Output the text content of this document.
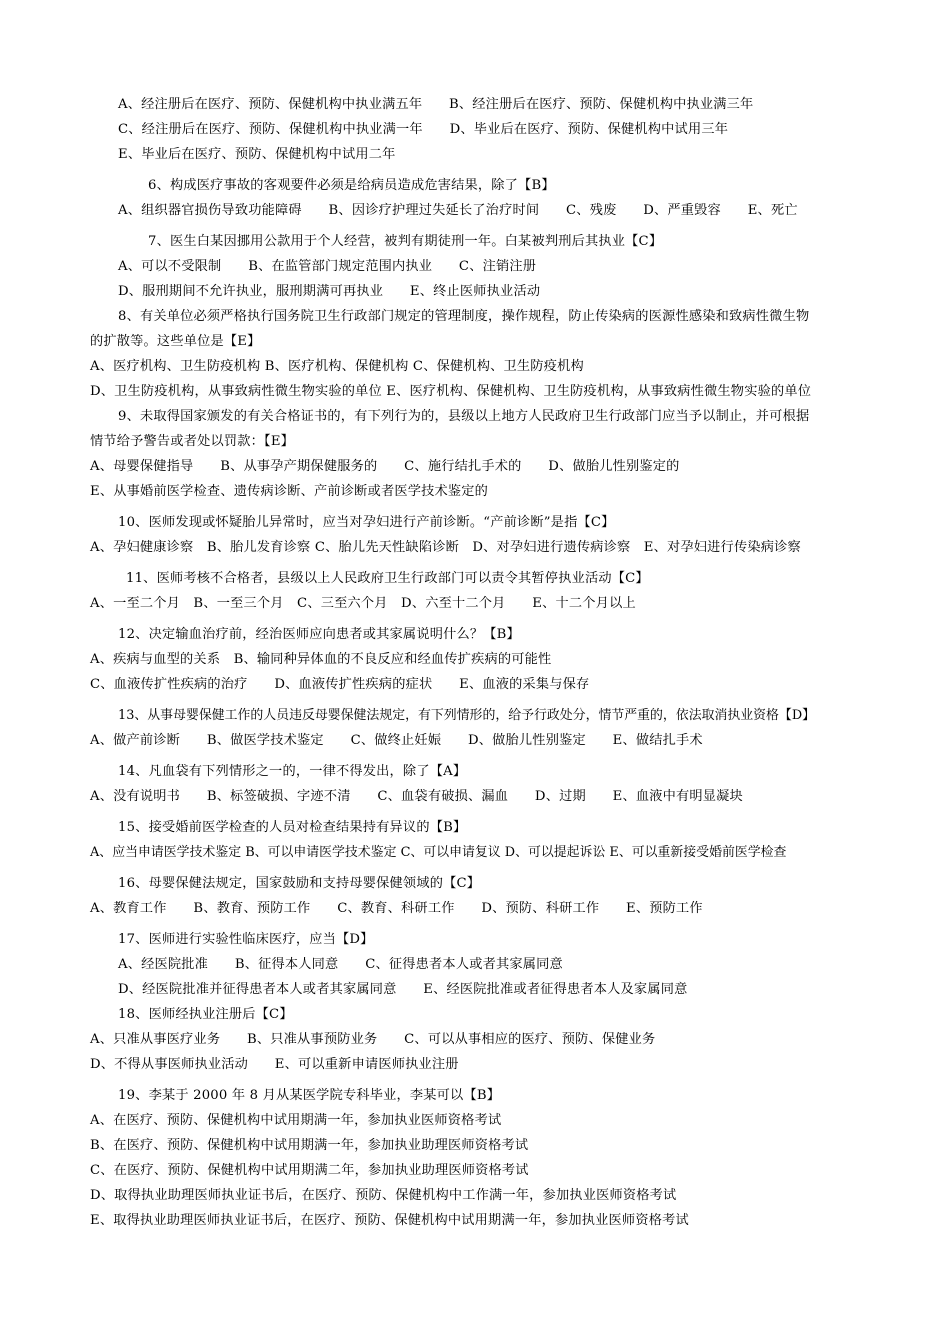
A、经注册后在医疗、预防、保健机构中执业满五年　　B、经注册后在医疗、预防、保健机构中执业满三年
C、经注册后在医疗、预防、保健机构中执业满一年　　D、毕业后在医疗、预防、保健机构中试用三年
E、毕业后在医疗、预防、保健机构中试用二年
6、构成医疗事故的客观要件必须是给病员造成危害结果，除了【B】
A、组织器官损伤导致功能障碍　　B、因诊疗护理过失延长了治疗时间　　C、残废　　D、严重毁容　　E、死亡
7、医生白某因挪用公款用于个人经营，被判有期徒刑一年。白某被判刑后其执业【C】
A、可以不受限制　　B、在监管部门规定范围内执业　　C、注销注册
D、服刑期间不允许执业，服刑期满可再执业　　E、终止医师执业活动
8、有关单位必须严格执行国务院卫生行政部门规定的管理制度，操作规程，防止传染病的医源性感染和致病性微生物
的扩散等。这些单位是【E】
A、医疗机构、卫生防疫机构 B、医疗机构、保健机构 C、保健机构、卫生防疫机构
D、卫生防疫机构，从事致病性微生物实验的单位 E、医疗机构、保健机构、卫生防疫机构，从事致病性微生物实验的单位
9、未取得国家颁发的有关合格证书的，有下列行为的，县级以上地方人民政府卫生行政部门应当予以制止，并可根据
情节给予警告或者处以罚款：【E】
A、母婴保健指导　　B、从事孕产期保健服务的　　C、施行结扎手术的　　D、做胎儿性别鉴定的
E、从事婚前医学检查、遗传病诊断、产前诊断或者医学技术鉴定的
10、医师发现或怀疑胎儿异常时，应当对孕妇进行产前诊断。“产前诊断”是指【C】
A、孕妇健康诊察　B、胎儿发育诊察 C、胎儿先天性缺陷诊断　D、对孕妇进行遗传病诊察　E、对孕妇进行传染病诊察
11、医师考核不合格者，县级以上人民政府卫生行政部门可以责令其暂停执业活动【C】
A、一至二个月　B、一至三个月　C、三至六个月　D、六至十二个月　　E、十二个月以上
12、决定输血治疗前，经治医师应向患者或其家属说明什么？【B】
A、疾病与血型的关系　B、输同种异体血的不良反应和经血传扩疾病的可能性
C、血液传扩性疾病的治疗　　D、血液传扩性疾病的症状　　E、血液的采集与保存
13、从事母婴保健工作的人员违反母婴保健法规定，有下列情形的，给予行政处分，情节严重的，依法取消执业资格【D】
A、做产前诊断　　B、做医学技术鉴定　　C、做终止妊娠　　D、做胎儿性别鉴定　　E、做结扎手术
14、凡血袋有下列情形之一的，一律不得发出，除了【A】
A、没有说明书　　B、标签破损、字迹不清　　C、血袋有破损、漏血　　D、过期　　E、血液中有明显凝块
15、接受婚前医学检查的人员对检查结果持有异议的【B】
A、应当申请医学技术鉴定 B、可以申请医学技术鉴定 C、可以申请复议 D、可以提起诉讼 E、可以重新接受婚前医学检查
16、母婴保健法规定，国家鼓励和支持母婴保健领域的【C】
A、教育工作　　B、教育、预防工作　　C、教育、科研工作　　D、预防、科研工作　　E、预防工作
17、医师进行实验性临床医疗，应当【D】
A、经医院批准　　B、征得本人同意　　C、征得患者本人或者其家属同意
D、经医院批准并征得患者本人或者其家属同意　　E、经医院批准或者征得患者本人及家属同意
18、医师经执业注册后【C】
A、只准从事医疗业务　　B、只准从事预防业务　　C、可以从事相应的医疗、预防、保健业务
D、不得从事医师执业活动　　E、可以重新申请医师执业注册
19、李某于 2000 年 8 月从某医学院专科毕业，李某可以【B】
A、在医疗、预防、保健机构中试用期满一年，参加执业医师资格考试
B、在医疗、预防、保健机构中试用期满一年，参加执业助理医师资格考试
C、在医疗、预防、保健机构中试用期满二年，参加执业助理医师资格考试
D、取得执业助理医师执业证书后，在医疗、预防、保健机构中工作满一年，参加执业医师资格考试
E、取得执业助理医师执业证书后，在医疗、预防、保健机构中试用期满一年，参加执业医师资格考试
